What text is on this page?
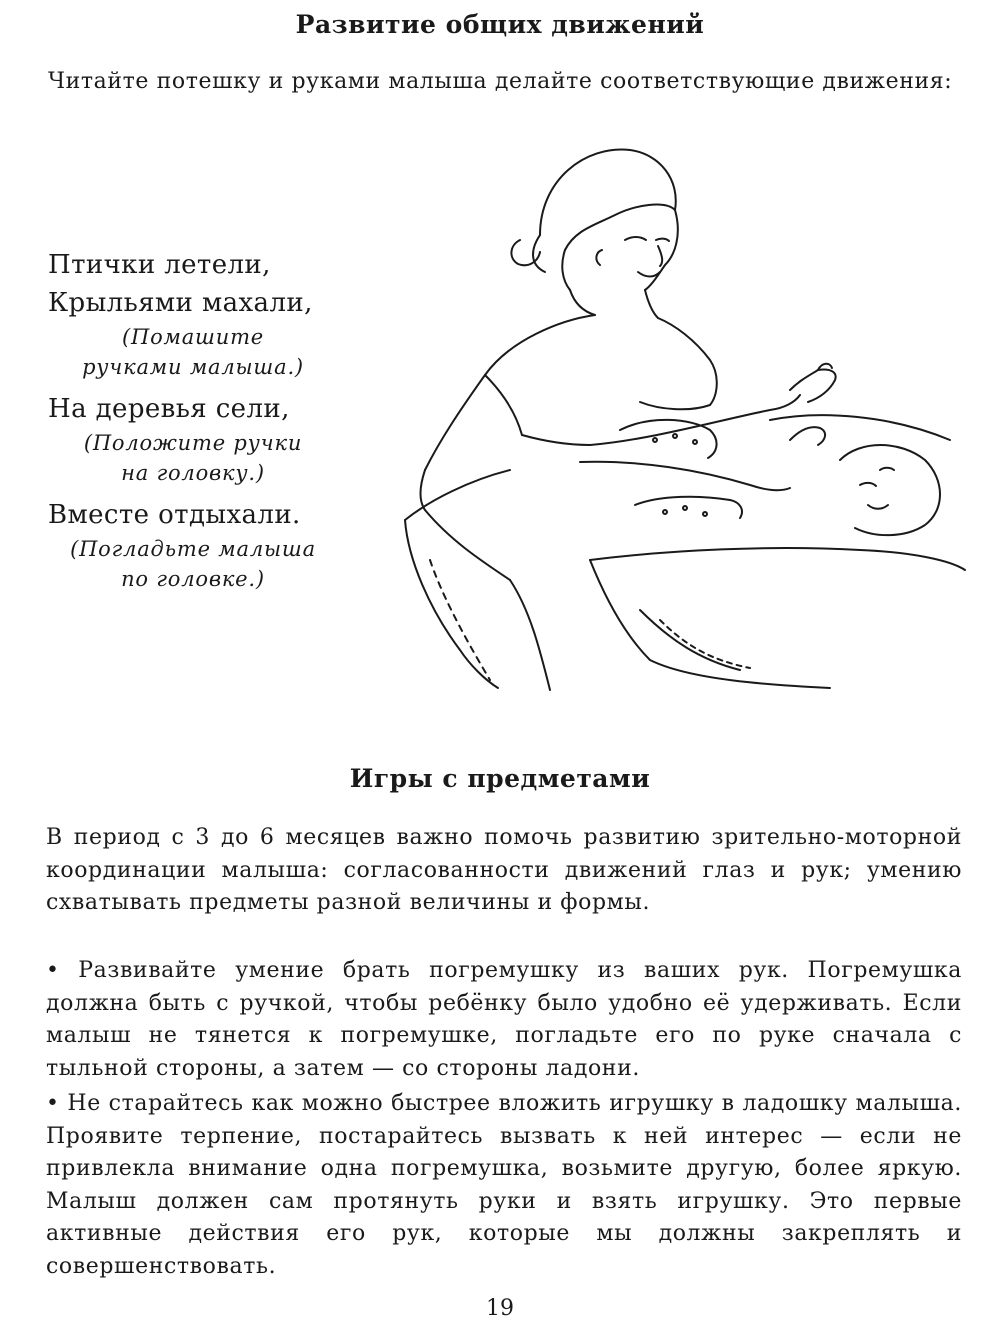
Развитие общих движений
Читайте потешку и руками малыша делайте соответствующие движения:
Птички летели,
Крыльями махали,
(Помашите
ручками малыша.)
На деревья сели,
(Положите ручки
на головку.)
Вместе отдыхали.
(Погладьте малыша
по головке.)
Игры с предметами
В период с 3 до 6 месяцев важно помочь развитию зрительно-моторной координации малыша: согласованности движений глаз и рук; умению схватывать предметы разной величины и формы.
• Развивайте умение брать погремушку из ваших рук. Погремушка должна быть с ручкой, чтобы ребёнку было удобно её удерживать. Если малыш не тянется к погремушке, погладьте его по руке сначала с тыльной стороны, а затем — со стороны ладони.
• Не старайтесь как можно быстрее вложить игрушку в ладошку малыша. Проявите терпение, постарайтесь вызвать к ней интерес — если не привлекла внимание одна погремушка, возьмите другую, более яркую. Малыш должен сам протянуть руки и взять игрушку. Это первые активные действия его рук, которые мы должны закреплять и совершенствовать.
19
